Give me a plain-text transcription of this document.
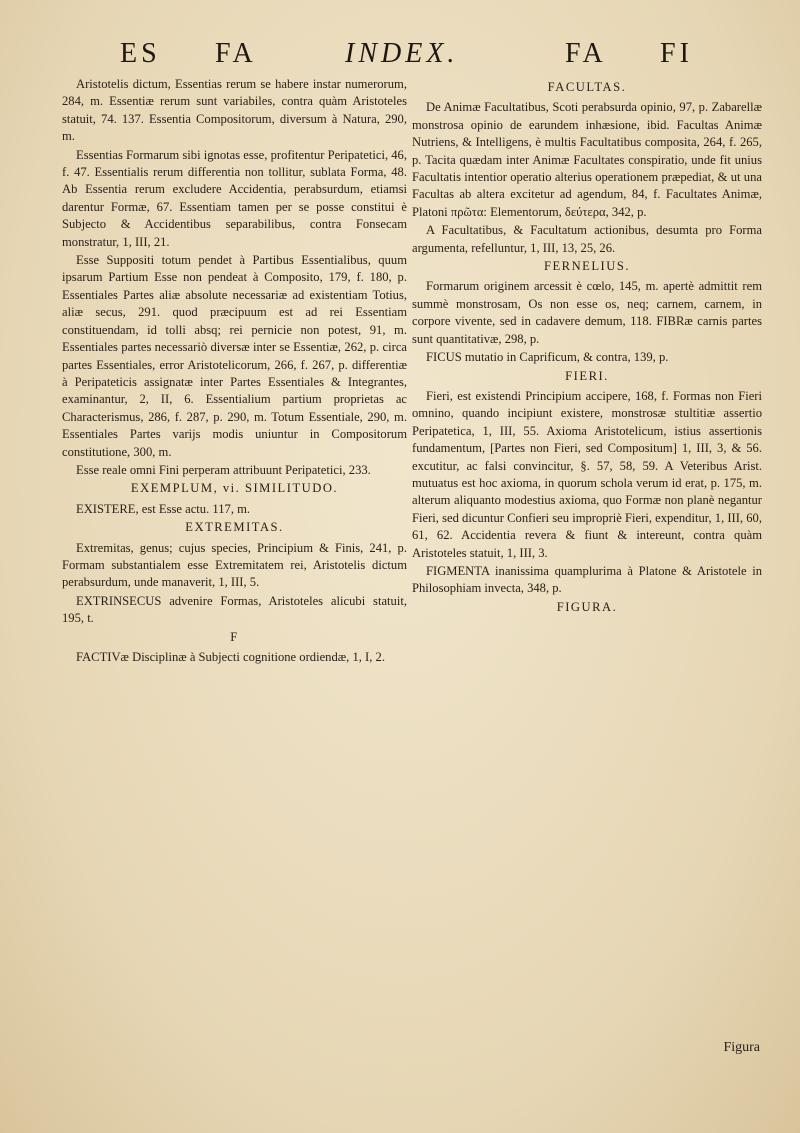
ES FA	INDEX.	FA FI

Aristotelis dictum, Essentias rerum se habere instar numerorum, 284, m. Essentiæ rerum sunt variabiles, contra quàm Aristoteles statuit, 74. 137. Essentia Compositorum, diversum à Natura, 290, m.

Essentias Formarum sibi ignotas esse, profitentur Peripatetici, 46, f. 47. Essentialis rerum differentia non tollitur, sublata Forma, 48. Ab Essentia rerum excludere Accidentia, perabsurdum, etiamsi darentur Formæ, 67. Essentiam tamen per se posse constitui è Subjecto & Accidentibus separabilibus, contra Fonsecam monstratur, 1, III, 21.

Esse Suppositi totum pendet à Partibus Essentialibus, quum ipsarum Partium Esse non pendeat à Composito, 179, f. 180, p. Essentiales Partes aliæ absolute necessariæ ad existentiam Totius, aliæ secus, 291. quod præcipuum est ad rei Essentiam constituendam, id tolli absq; rei pernicie non potest, 91, m. Essentiales partes necessariò diversæ inter se Essentiæ, 262, p. circa partes Essentiales, error Aristotelicorum, 266, f. 267, p. differentiæ à Peripateticis assignatæ inter Partes Essentiales & Integrantes, examinantur, 2, II, 6. Essentialium partium proprietas ac Characterismus, 286, f. 287, p. 290, m. Totum Essentiale, 290, m. Essentiales Partes varijs modis uniuntur in Compositorum constitutione, 300, m.

Esse reale omni Fini perperam attribuunt Peripatetici, 233.

EXEMPLUM, vi. SIMILITUDO.

EXISTERE, est Esse actu. 117, m.

EXTREMITAS.

Extremitas, genus; cujus species, Principium & Finis, 241, p. Formam substantialem esse Extremitatem rei, Aristotelis dictum perabsurdum, unde manaverit, 1, III, 5.

EXTRINSECUS advenire Formas, Aristoteles alicubi statuit, 195, t.

F

FACTIVæ Disciplinæ à Subjecti cognitione ordiendæ, 1, I, 2.

FACULTAS.

De Animæ Facultatibus, Scoti perabsurda opinio, 97, p. Zabarellæ monstrosa opinio de earundem inhæsione, ibid. Facultas Animæ Nutriens, & Intelligens, è multis Facultatibus composita, 264, f. 265, p. Tacita quædam inter Animæ Facultates conspiratio, unde fit unius Facultatis intentior operatio alterius operationem præpediat, & ut una Facultas ab altera excitetur ad agendum, 84, f. Facultates Animæ, Platoni πρῶτα: Elementorum, δεύτερα, 342, p.

A Facultatibus, & Facultatum actionibus, desumta pro Forma argumenta, refelluntur, 1, III, 13, 25, 26.

FERNELIUS.

Formarum originem arcessit è cœlo, 145, m. apertè admittit rem summè monstrosam, Os non esse os, neq; carnem, carnem, in corpore vivente, sed in cadavere demum, 118. FIBRæ carnis partes sunt quantitativæ, 298, p.

FICUS mutatio in Caprificum, & contra, 139, p.

FIERI.

Fieri, est existendi Principium accipere, 168, f. Formas non Fieri omnino, quando incipiunt existere, monstrosæ stultitiæ assertio Peripatetica, 1, III, 55. Axioma Aristotelicum, istius assertionis fundamentum, [Partes non Fieri, sed Compositum] 1, III, 3, & 56. excutitur, ac falsi convincitur, §. 57, 58, 59. A Veteribus Arist. mutuatus est hoc axioma, in quorum schola verum id erat, p. 175, m. alterum aliquanto modestius axioma, quo Formæ non planè negantur Fieri, sed dicuntur Confieri seu impropriè Fieri, expenditur, 1, III, 60, 61, 62. Accidentia revera & fiunt & intereunt, contra quàm Aristoteles statuit, 1, III, 3.

FIGMENTA inanissima quamplurima à Platone & Aristotele in Philosophiam invecta, 348, p.

FIGURA.

Figura
